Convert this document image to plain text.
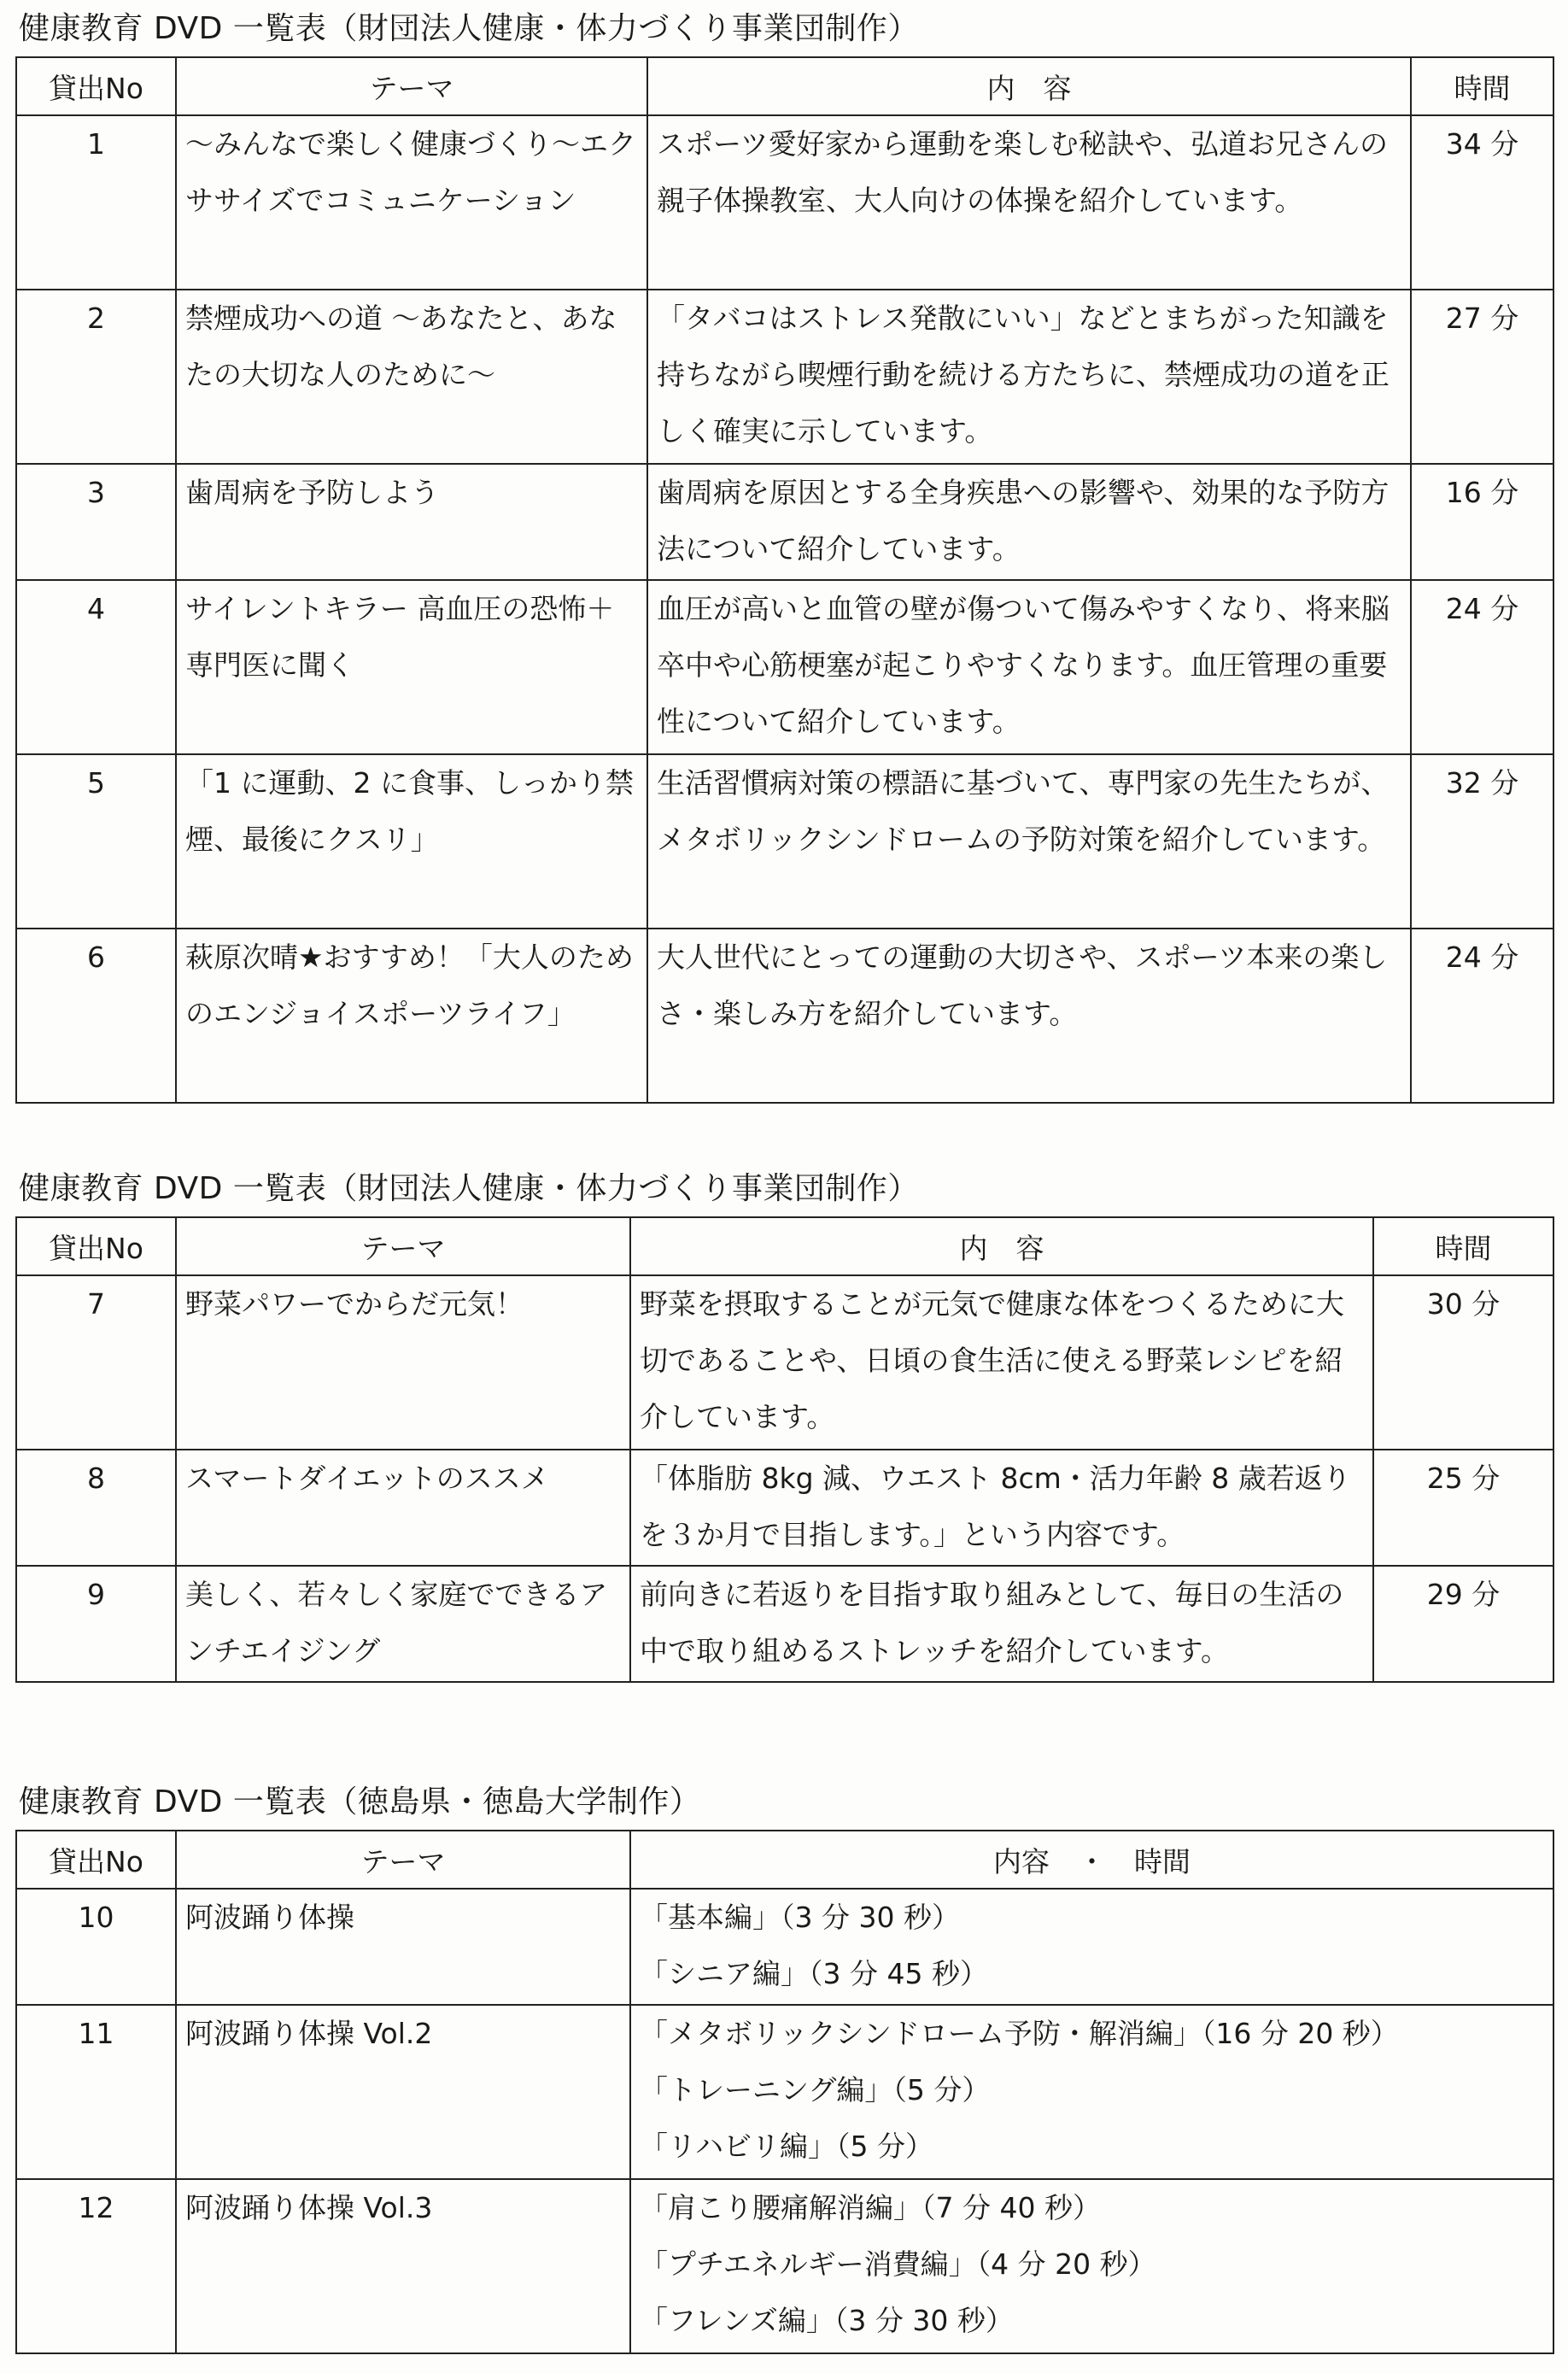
健康教育 DVD 一覧表（財団法人健康・体力づくり事業団制作）
貸出No	テーマ	内　容	時間
1	～みんなで楽しく健康づくり～エクササイズでコミュニケーション	スポーツ愛好家から運動を楽しむ秘訣や、弘道お兄さんの親子体操教室、大人向けの体操を紹介しています。	34 分
2	禁煙成功への道 ～あなたと、あなたの大切な人のために～	「タバコはストレス発散にいい」などとまちがった知識を持ちながら喫煙行動を続ける方たちに、禁煙成功の道を正しく確実に示しています。	27 分
3	歯周病を予防しよう	歯周病を原因とする全身疾患への影響や、効果的な予防方法について紹介しています。	16 分
4	サイレントキラー 高血圧の恐怖＋専門医に聞く	血圧が高いと血管の壁が傷ついて傷みやすくなり、将来脳卒中や心筋梗塞が起こりやすくなります。血圧管理の重要性について紹介しています。	24 分
5	「1 に運動、2 に食事、しっかり禁煙、最後にクスリ」	生活習慣病対策の標語に基づいて、専門家の先生たちが、メタボリックシンドロームの予防対策を紹介しています。	32 分
6	萩原次晴★おすすめ！「大人のためのエンジョイスポーツライフ」	大人世代にとっての運動の大切さや、スポーツ本来の楽しさ・楽しみ方を紹介しています。	24 分
健康教育 DVD 一覧表（財団法人健康・体力づくり事業団制作）
貸出No	テーマ	内　容	時間
7	野菜パワーでからだ元気！	野菜を摂取することが元気で健康な体をつくるために大切であることや、日頃の食生活に使える野菜レシピを紹介しています。	30 分
8	スマートダイエットのススメ	「体脂肪 8kg 減、ウエスト 8cm・活力年齢 8 歳若返りを３か月で目指します。」という内容です。	25 分
9	美しく、若々しく家庭でできるアンチエイジング	前向きに若返りを目指す取り組みとして、毎日の生活の中で取り組めるストレッチを紹介しています。	29 分
健康教育 DVD 一覧表（徳島県・徳島大学制作）
貸出No	テーマ	内容　・　時間
10	阿波踊り体操	「基本編」（3 分 30 秒）
「シニア編」（3 分 45 秒）

11	阿波踊り体操 Vol.2	「メタボリックシンドローム予防・解消編」（16 分 20 秒）
「トレーニング編」（5 分）
「リハビリ編」（5 分）

12	阿波踊り体操 Vol.3	「肩こり腰痛解消編」（7 分 40 秒）
「プチエネルギー消費編」（4 分 20 秒）
「フレンズ編」（3 分 30 秒）
